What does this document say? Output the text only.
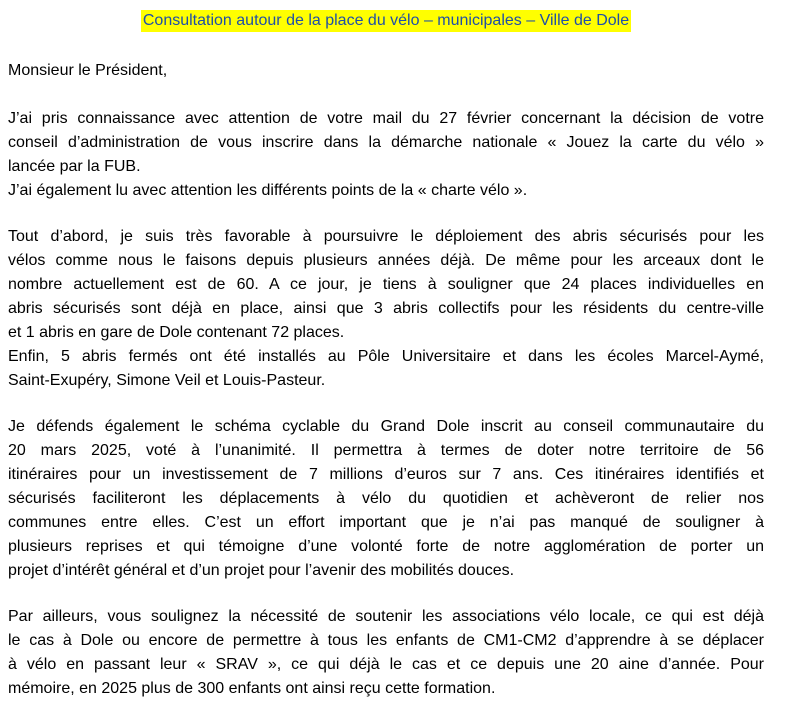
Consultation autour de la place du vélo – municipales – Ville de Dole

Monsieur le Président,

J’ai pris connaissance avec attention de votre mail du 27 février concernant la décision de votre
conseil d’administration de vous inscrire dans la démarche nationale « Jouez la carte du vélo »
lancée par la FUB.
J’ai également lu avec attention les différents points de la « charte vélo ».

Tout d’abord, je suis très favorable à poursuivre le déploiement des abris sécurisés pour les
vélos comme nous le faisons depuis plusieurs années déjà. De même pour les arceaux dont le
nombre actuellement est de 60. A ce jour, je tiens à souligner que 24 places individuelles en
abris sécurisés sont déjà en place, ainsi que 3 abris collectifs pour les résidents du centre-ville
et 1 abris en gare de Dole contenant 72 places.
Enfin, 5 abris fermés ont été installés au Pôle Universitaire et dans les écoles Marcel-Aymé,
Saint-Exupéry, Simone Veil et Louis-Pasteur.

Je défends également le schéma cyclable du Grand Dole inscrit au conseil communautaire du
20 mars 2025, voté à l’unanimité. Il permettra à termes de doter notre territoire de 56
itinéraires pour un investissement de 7 millions d’euros sur 7 ans. Ces itinéraires identifiés et
sécurisés faciliteront les déplacements à vélo du quotidien et achèveront de relier nos
communes entre elles. C’est un effort important que je n’ai pas manqué de souligner à
plusieurs reprises et qui témoigne d’une volonté forte de notre agglomération de porter un
projet d’intérêt général et d’un projet pour l’avenir des mobilités douces.

Par ailleurs, vous soulignez la nécessité de soutenir les associations vélo locale, ce qui est déjà
le cas à Dole ou encore de permettre à tous les enfants de CM1-CM2 d’apprendre à se déplacer
à vélo en passant leur « SRAV », ce qui déjà le cas et ce depuis une 20 aine d’année. Pour
mémoire, en 2025 plus de 300 enfants ont ainsi reçu cette formation.
